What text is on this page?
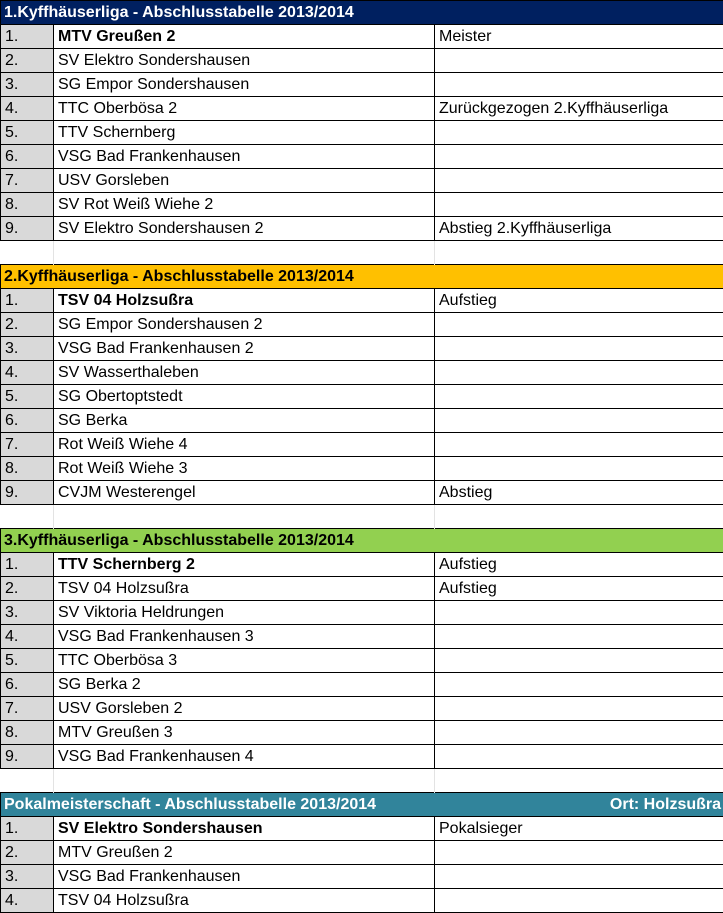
1.Kyffhäuserliga - Abschlusstabelle 2013/2014		
1.	MTV Greußen 2	Meister
2.	SV Elektro Sondershausen	
3.	SG Empor Sondershausen	
4.	TTC Oberbösa 2	Zurückgezogen 2.Kyffhäuserliga
5.	TTV Schernberg	
6.	VSG Bad Frankenhausen	
7.	USV Gorsleben	
8.	SV Rot Weiß Wiehe 2	
9.	SV Elektro Sondershausen 2	Abstieg 2.Kyffhäuserliga

2.Kyffhäuserliga - Abschlusstabelle 2013/2014		
1.	TSV 04 Holzsußra	Aufstieg
2.	SG Empor Sondershausen 2	
3.	VSG Bad Frankenhausen 2	
4.	SV Wasserthaleben	
5.	SG Obertoptstedt	
6.	SG Berka	
7.	Rot Weiß Wiehe 4	
8.	Rot Weiß Wiehe 3	
9.	CVJM Westerengel	Abstieg

3.Kyffhäuserliga - Abschlusstabelle 2013/2014		
1.	TTV Schernberg 2	Aufstieg
2.	TSV 04 Holzsußra	Aufstieg
3.	SV Viktoria Heldrungen	
4.	VSG Bad Frankenhausen 3	
5.	TTC Oberbösa 3	
6.	SG Berka 2	
7.	USV Gorsleben 2	
8.	MTV Greußen 3	
9.	VSG Bad Frankenhausen 4	

Pokalmeisterschaft - Abschlusstabelle 2013/2014 Ort: Holzsußra		

1.	SV Elektro Sondershausen	Pokalsieger
2.	MTV Greußen 2	
3.	VSG Bad Frankenhausen	
4.	TSV 04 Holzsußra	
